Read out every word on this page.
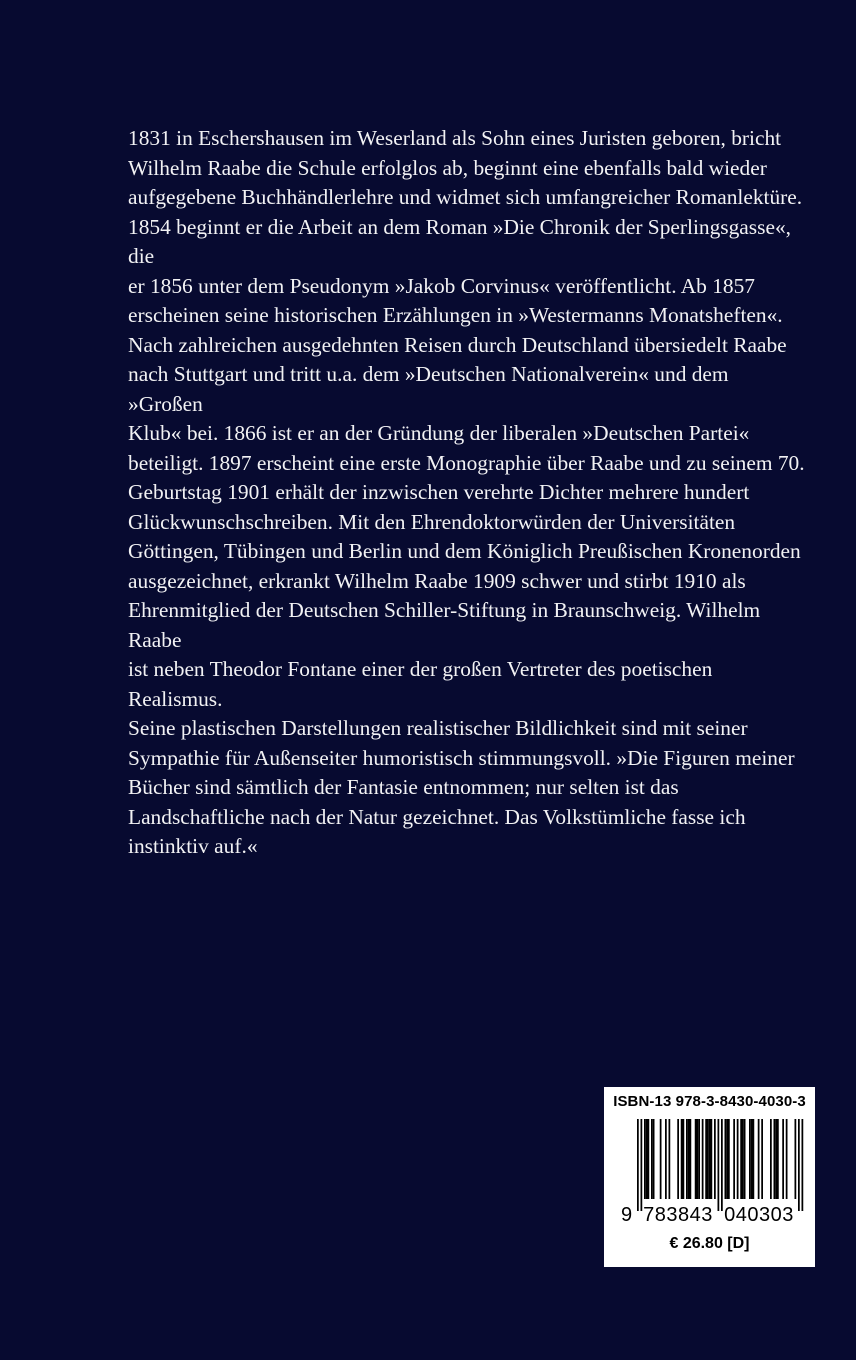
1831 in Eschershausen im Weserland als Sohn eines Juristen geboren, bricht
Wilhelm Raabe die Schule erfolglos ab, beginnt eine ebenfalls bald wieder
aufgegebene Buchhändlerlehre und widmet sich umfangreicher Romanlektüre.
1854 beginnt er die Arbeit an dem Roman »Die Chronik der Sperlingsgasse«, die
er 1856 unter dem Pseudonym »Jakob Corvinus« veröffentlicht. Ab 1857
erscheinen seine historischen Erzählungen in »Westermanns Monatsheften«.
Nach zahlreichen ausgedehnten Reisen durch Deutschland übersiedelt Raabe
nach Stuttgart und tritt u.a. dem »Deutschen Nationalverein« und dem »Großen
Klub« bei. 1866 ist er an der Gründung der liberalen »Deutschen Partei«
beteiligt. 1897 erscheint eine erste Monographie über Raabe und zu seinem 70.
Geburtstag 1901 erhält der inzwischen verehrte Dichter mehrere hundert
Glückwunschschreiben. Mit den Ehrendoktorwürden der Universitäten
Göttingen, Tübingen und Berlin und dem Königlich Preußischen Kronenorden
ausgezeichnet, erkrankt Wilhelm Raabe 1909 schwer und stirbt 1910 als
Ehrenmitglied der Deutschen Schiller-Stiftung in Braunschweig. Wilhelm Raabe
ist neben Theodor Fontane einer der großen Vertreter des poetischen Realismus.
Seine plastischen Darstellungen realistischer Bildlichkeit sind mit seiner
Sympathie für Außenseiter humoristisch stimmungsvoll. »Die Figuren meiner
Bücher sind sämtlich der Fantasie entnommen; nur selten ist das
Landschaftliche nach der Natur gezeichnet. Das Volkstümliche fasse ich
instinktiv auf.«

ISBN-13 978-3-8430-4030-3
9 783843 040303
€ 26.80 [D]
